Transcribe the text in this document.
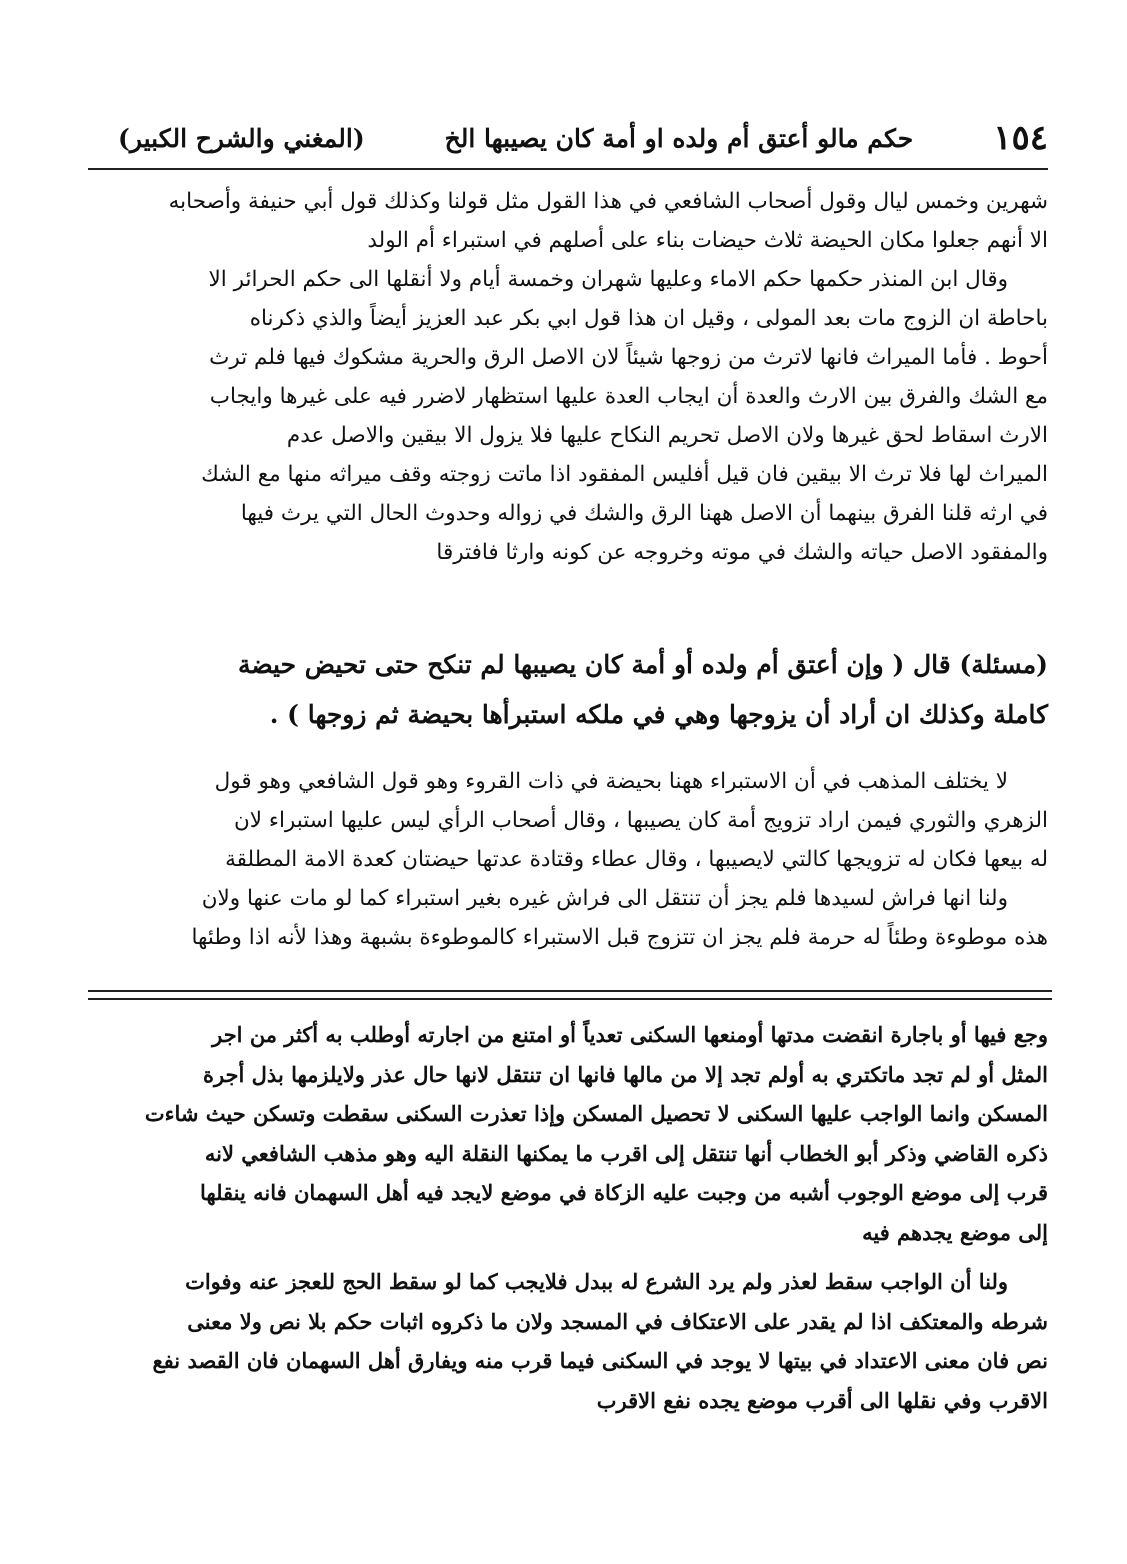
١٥٤
حكم مالو أعتق أم ولده او أمة كان يصيبها الخ
(المغني والشرح الكبير)

شهرين وخمس ليال وقول أصحاب الشافعي في هذا القول مثل قولنا وكذلك قول أبي حنيفة وأصحابه

الا أنهم جعلوا مكان الحيضة ثلاث حيضات بناء على أصلهم في استبراء أم الولد

وقال ابن المنذر حكمها حكم الاماء وعليها شهران وخمسة أيام ولا أنقلها الى حكم الحرائر الا

باحاطة ان الزوج مات بعد المولى ، وقيل ان هذا قول ابي بكر عبد العزيز أيضاً والذي ذكرناه

أحوط . فأما الميراث فانها لاترث من زوجها شيئاً لان الاصل الرق والحرية مشكوك فيها فلم ترث

مع الشك والفرق بين الارث والعدة أن ايجاب العدة عليها استظهار لاضرر فيه على غيرها وايجاب

الارث اسقاط لحق غيرها ولان الاصل تحريم النكاح عليها فلا يزول الا بيقين والاصل عدم

الميراث لها فلا ترث الا بيقين فان قيل أفليس المفقود اذا ماتت زوجته وقف ميراثه منها مع الشك

في ارثه قلنا الفرق بينهما أن الاصل ههنا الرق والشك في زواله وحدوث الحال التي يرث فيها

والمفقود الاصل حياته والشك في موته وخروجه عن كونه وارثا فافترقا

(مسئلة) قال ( وإن أعتق أم ولده أو أمة كان يصيبها لم تنكح حتى تحيض حيضة

كاملة وكذلك ان أراد أن يزوجها وهي في ملكه استبرأها بحيضة ثم زوجها ) .

لا يختلف المذهب في أن الاستبراء ههنا بحيضة في ذات القروء وهو قول الشافعي وهو قول

الزهري والثوري فيمن اراد تزويج أمة كان يصيبها ، وقال أصحاب الرأي ليس عليها استبراء لان

له بيعها فكان له تزويجها كالتي لايصيبها ، وقال عطاء وقتادة عدتها حيضتان كعدة الامة المطلقة

ولنا انها فراش لسيدها فلم يجز أن تنتقل الى فراش غيره بغير استبراء كما لو مات عنها ولان

هذه موطوءة وطئاً له حرمة فلم يجز ان تتزوج قبل الاستبراء كالموطوءة بشبهة وهذا لأنه اذا وطئها

وجع فيها أو باجارة انقضت مدتها أومنعها السكنى تعدياً أو امتنع من اجارته أوطلب به أكثر من اجر

المثل أو لم تجد ماتكتري به أولم تجد إلا من مالها فانها ان تنتقل لانها حال عذر ولايلزمها بذل أجرة

المسكن وانما الواجب عليها السكنى لا تحصيل المسكن وإذا تعذرت السكنى سقطت وتسكن حيث شاءت

ذكره القاضي وذكر أبو الخطاب أنها تنتقل إلى اقرب ما يمكنها النقلة اليه وهو مذهب الشافعي لانه

قرب إلى موضع الوجوب أشبه من وجبت عليه الزكاة في موضع لايجد فيه أهل السهمان فانه ينقلها

إلى موضع يجدهم فيه

ولنا أن الواجب سقط لعذر ولم يرد الشرع له ببدل فلايجب كما لو سقط الحج للعجز عنه وفوات

شرطه والمعتكف اذا لم يقدر على الاعتكاف في المسجد ولان ما ذكروه اثبات حكم بلا نص ولا معنى

نص فان معنى الاعتداد في بيتها لا يوجد في السكنى فيما قرب منه ويفارق أهل السهمان فان القصد نفع

الاقرب وفي نقلها الى أقرب موضع يجده نفع الاقرب
